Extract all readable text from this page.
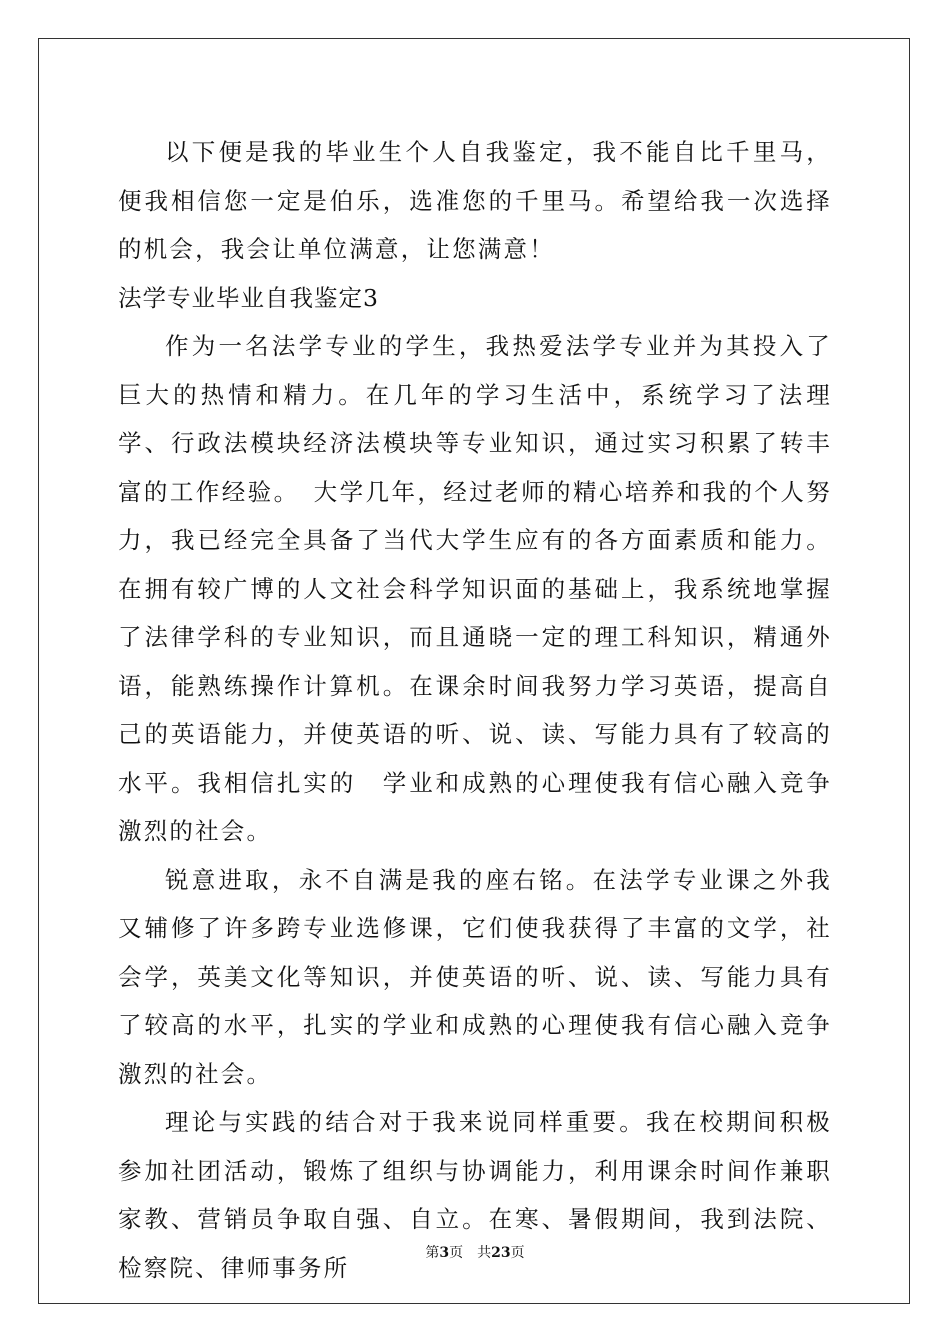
以下便是我的毕业生个人自我鉴定，我不能自比千里马，便我相信您一定是伯乐，选准您的千里马。希望给我一次选择的机会，我会让单位满意，让您满意！

法学专业毕业自我鉴定3

作为一名法学专业的学生，我热爱法学专业并为其投入了巨大的热情和精力。在几年的学习生活中，系统学习了法理学、行政法模块经济法模块等专业知识，通过实习积累了转丰富的工作经验。　大学几年，经过老师的精心培养和我的个人努力，我已经完全具备了当代大学生应有的各方面素质和能力。在拥有较广博的人文社会科学知识面的基础上，我系统地掌握了法律学科的专业知识，而且通晓一定的理工科知识，精通外语，能熟练操作计算机。在课余时间我努力学习英语，提高自己的英语能力，并使英语的听、说、读、写能力具有了较高的水平。我相信扎实的　学业和成熟的心理使我有信心融入竞争激烈的社会。

锐意进取，永不自满是我的座右铭。在法学专业课之外我又辅修了许多跨专业选修课，它们使我获得了丰富的文学，社会学，英美文化等知识，并使英语的听、说、读、写能力具有了较高的水平，扎实的学业和成熟的心理使我有信心融入竞争激烈的社会。

理论与实践的结合对于我来说同样重要。我在校期间积极参加社团活动，锻炼了组织与协调能力，利用课余时间作兼职家教、营销员争取自强、自立。在寒、暑假期间，我到法院、检察院、律师事务所

第3页 共23页
